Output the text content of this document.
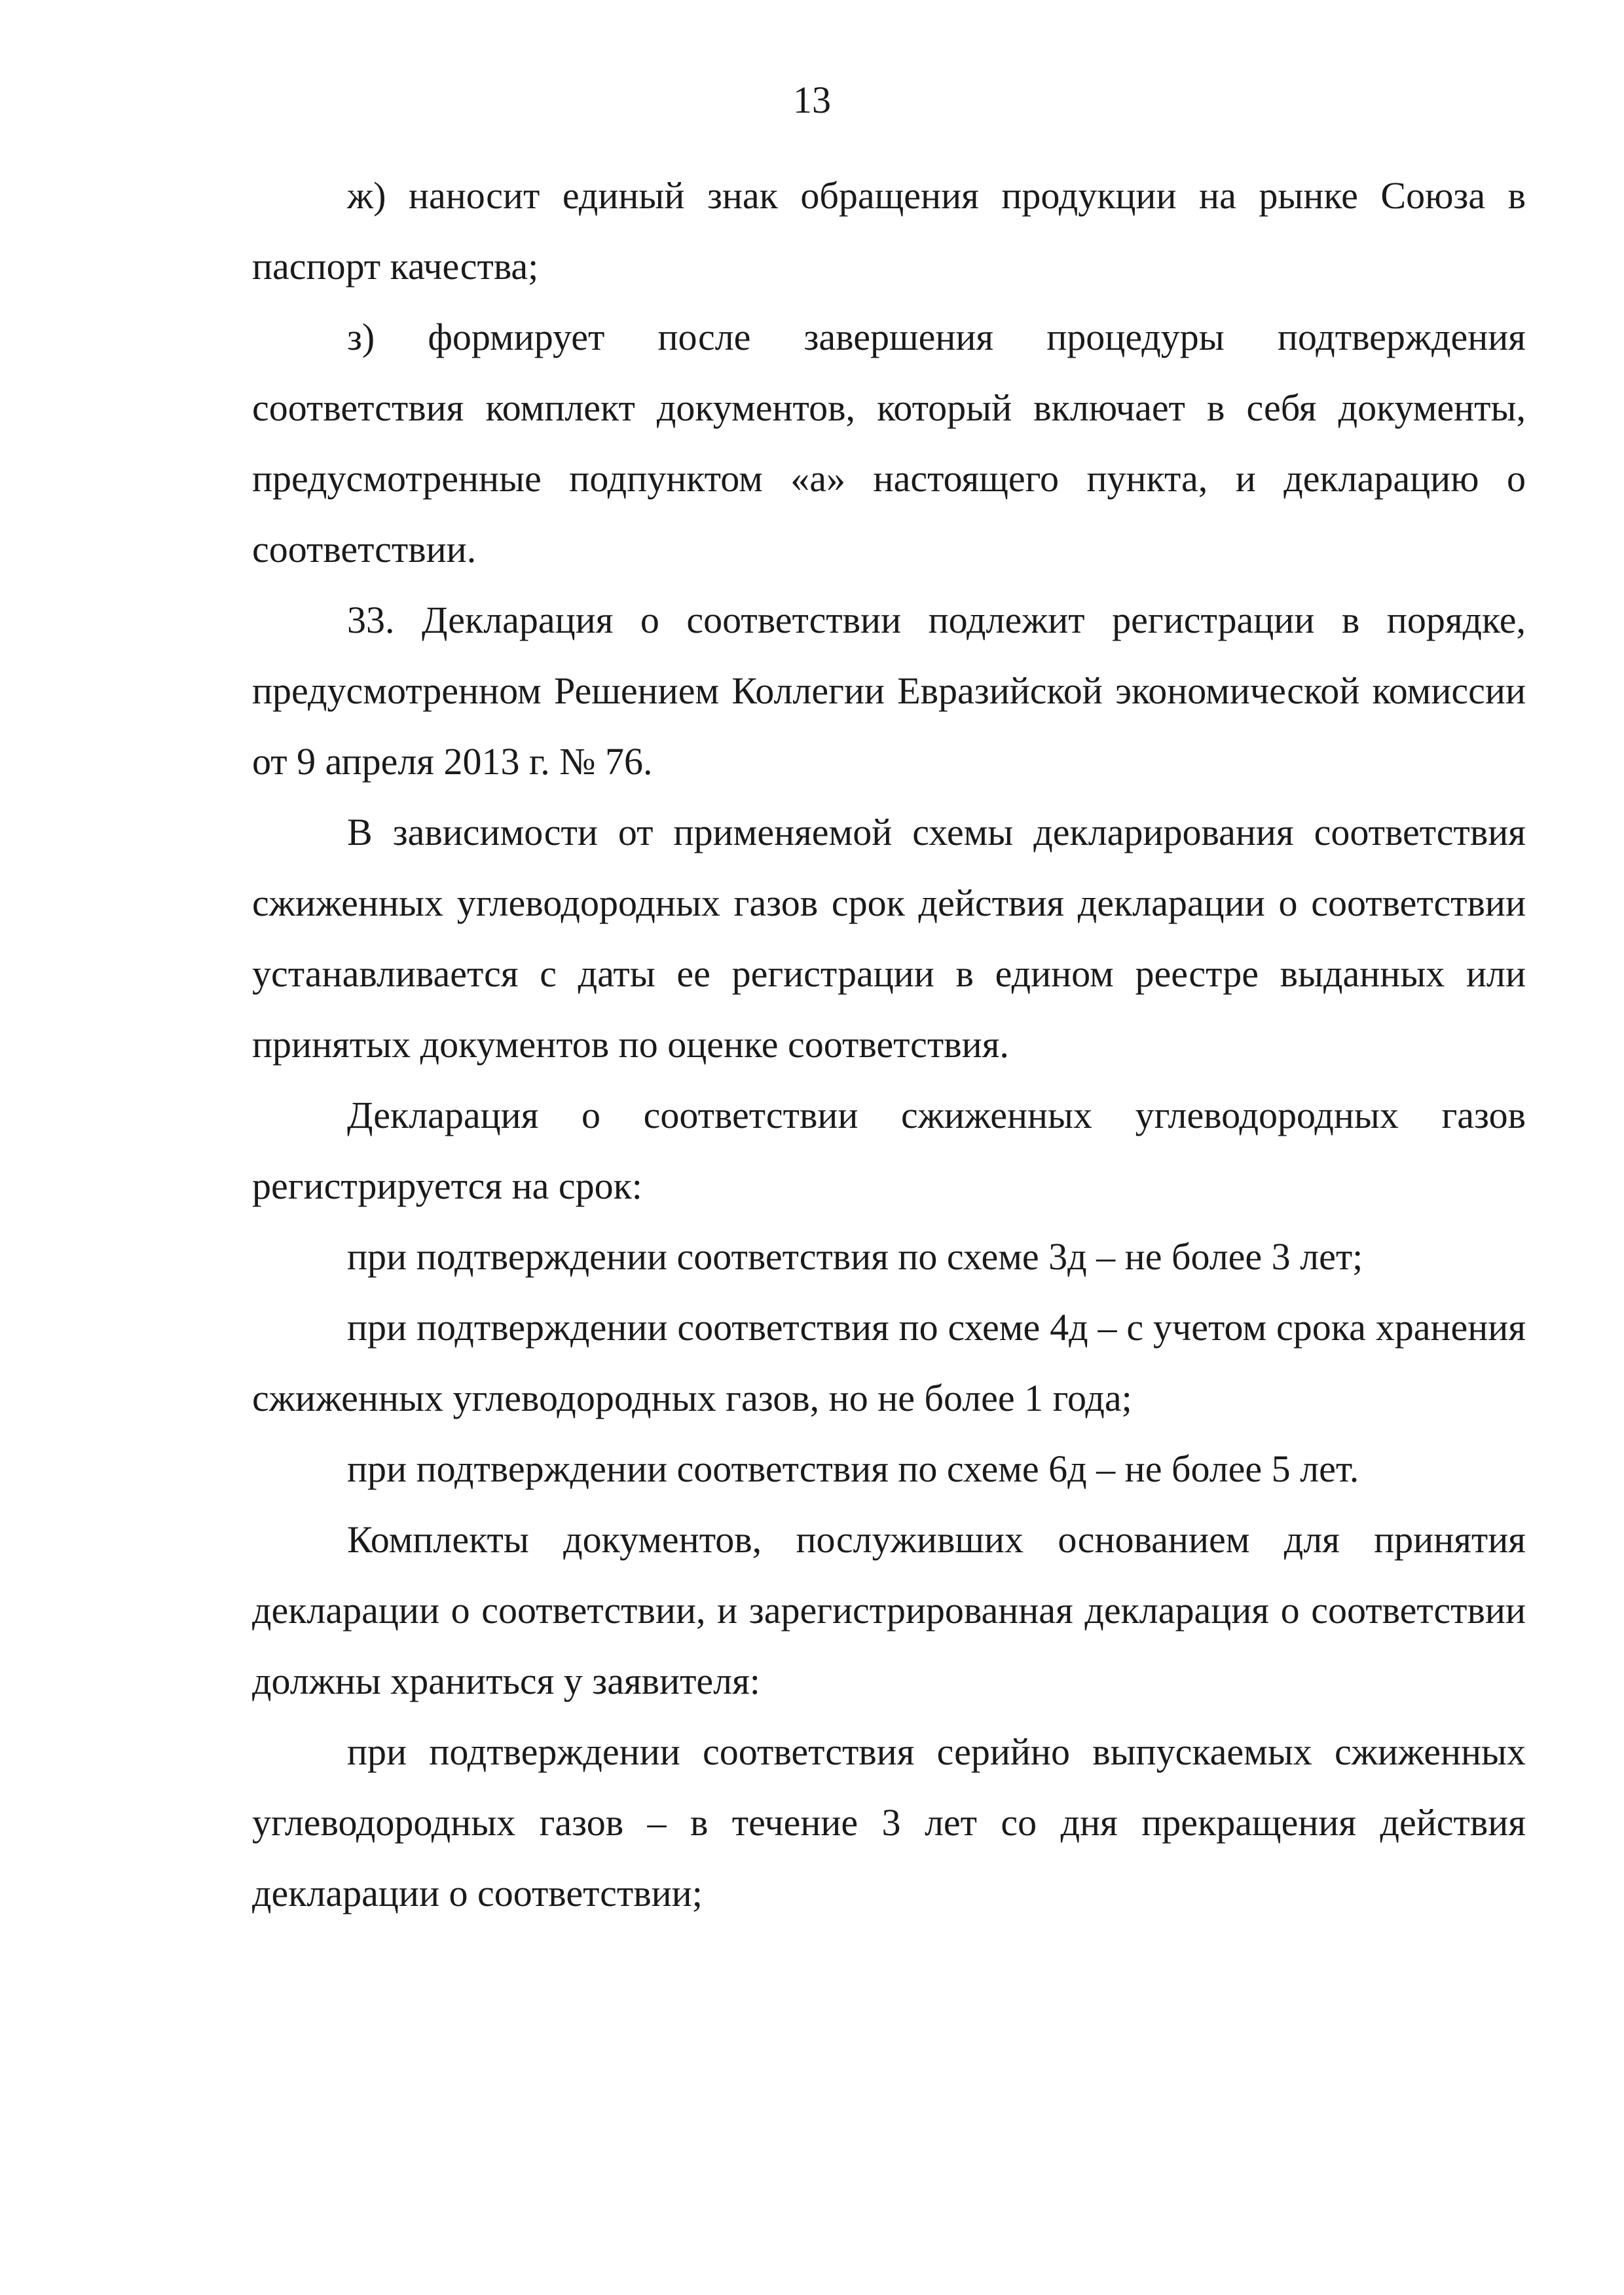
13

ж) наносит единый знак обращения продукции на рынке Союза в паспорт качества;

з) формирует после завершения процедуры подтверждения соответствия комплект документов, который включает в себя документы, предусмотренные подпунктом «а» настоящего пункта, и декларацию о соответствии.

33. Декларация о соответствии подлежит регистрации в порядке, предусмотренном Решением Коллегии Евразийской экономической комиссии от 9 апреля 2013 г. № 76.

В зависимости от применяемой схемы декларирования соответствия сжиженных углеводородных газов срок действия декларации о соответствии устанавливается с даты ее регистрации в едином реестре выданных или принятых документов по оценке соответствия.

Декларация о соответствии сжиженных углеводородных газов регистрируется на срок:

при подтверждении соответствия по схеме 3д – не более 3 лет;

при подтверждении соответствия по схеме 4д – с учетом срока хранения сжиженных углеводородных газов, но не более 1 года;

при подтверждении соответствия по схеме 6д – не более 5 лет.

Комплекты документов, послуживших основанием для принятия декларации о соответствии, и зарегистрированная декларация о соответствии должны храниться у заявителя:

при подтверждении соответствия серийно выпускаемых сжиженных углеводородных газов – в течение 3 лет со дня прекращения действия декларации о соответствии;
